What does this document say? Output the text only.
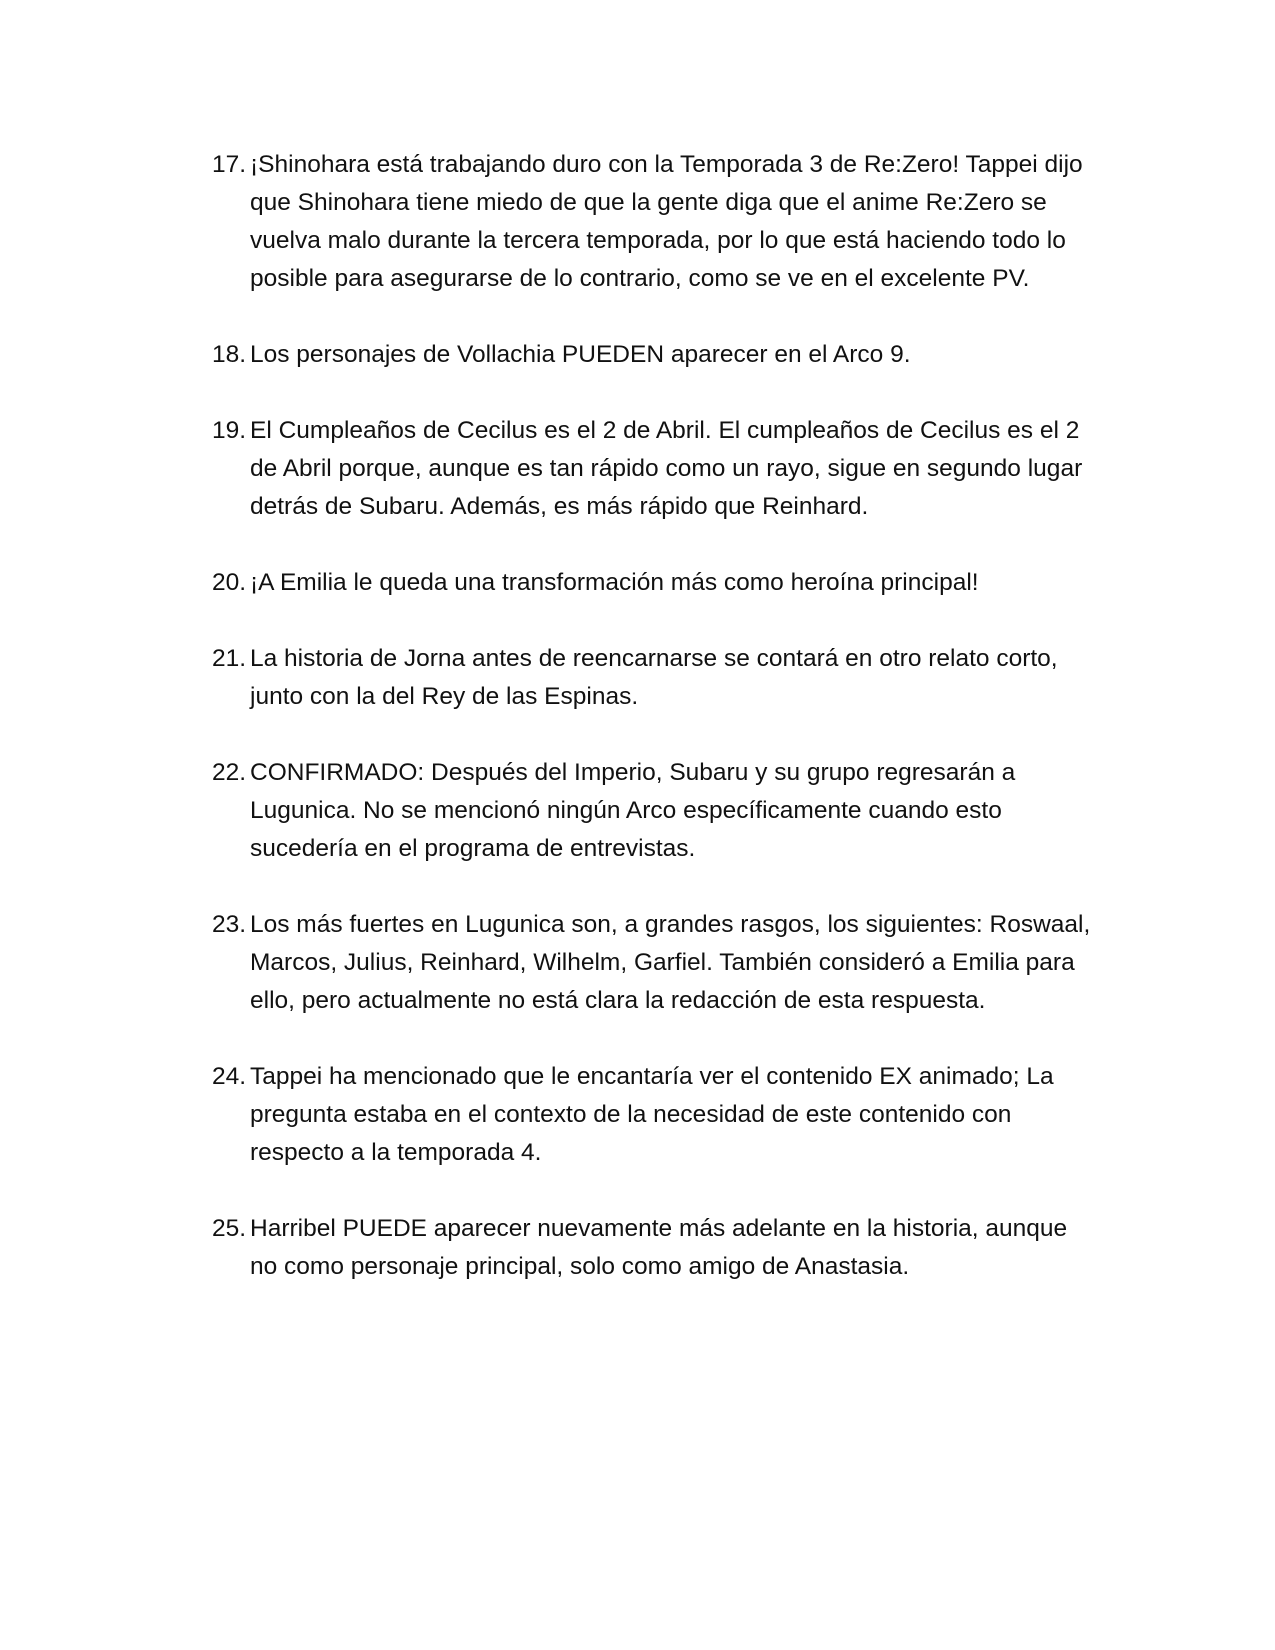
17. ¡Shinohara está trabajando duro con la Temporada 3 de Re:Zero! Tappei dijo que Shinohara tiene miedo de que la gente diga que el anime Re:Zero se vuelva malo durante la tercera temporada, por lo que está haciendo todo lo posible para asegurarse de lo contrario, como se ve en el excelente PV.
18. Los personajes de Vollachia PUEDEN aparecer en el Arco 9.
19. El Cumpleaños de Cecilus es el 2 de Abril. El cumpleaños de Cecilus es el 2 de Abril porque, aunque es tan rápido como un rayo, sigue en segundo lugar detrás de Subaru. Además, es más rápido que Reinhard.
20. ¡A Emilia le queda una transformación más como heroína principal!
21. La historia de Jorna antes de reencarnarse se contará en otro relato corto, junto con la del Rey de las Espinas.
22. CONFIRMADO: Después del Imperio, Subaru y su grupo regresarán a Lugunica. No se mencionó ningún Arco específicamente cuando esto sucedería en el programa de entrevistas.
23. Los más fuertes en Lugunica son, a grandes rasgos, los siguientes: Roswaal, Marcos, Julius, Reinhard, Wilhelm, Garfiel. También consideró a Emilia para ello, pero actualmente no está clara la redacción de esta respuesta.
24. Tappei ha mencionado que le encantaría ver el contenido EX animado; La pregunta estaba en el contexto de la necesidad de este contenido con respecto a la temporada 4.
25. Harribel PUEDE aparecer nuevamente más adelante en la historia, aunque no como personaje principal, solo como amigo de Anastasia.
